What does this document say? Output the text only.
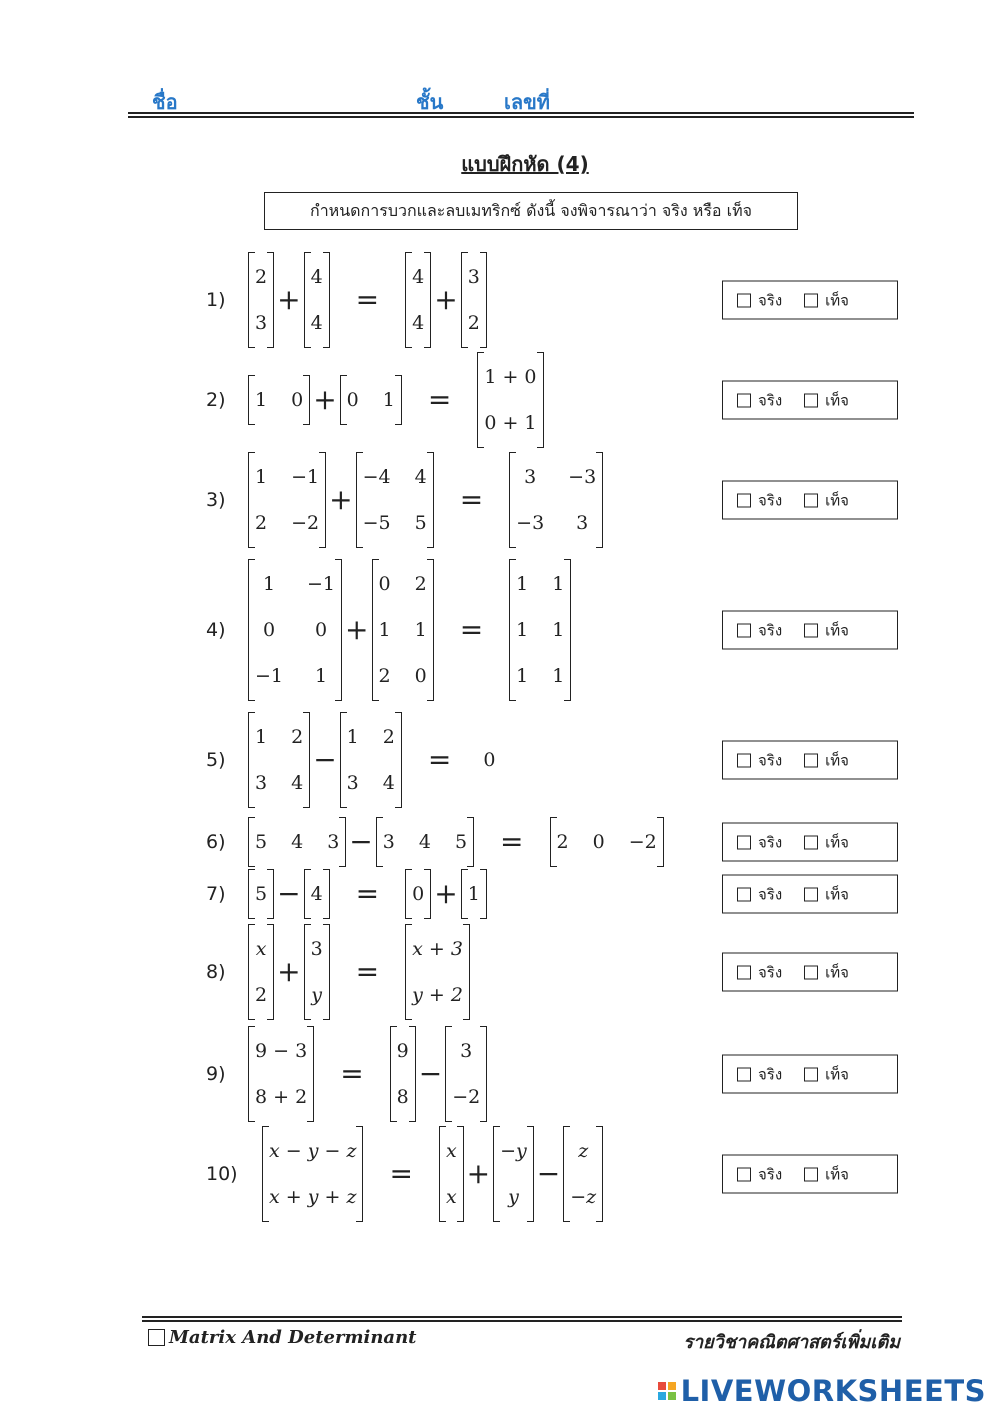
ชื่อ	ชั้น	เลขที่
แบบฝึกหัด (4)
กำหนดการบวกและลบเมทริกซ์ ดังนี้ จงพิจารณาว่า จริง หรือ เท็จ
1)
2
3
+
4
4
=
4
4
+
3
2
จริง	เท็จ
2) 1 0 + 0 1	=
1 + 0
0 + 1
จริง	เท็จ
3)
1 −1
2 −2
+
−4 4
−5 5
=
3	−3
−3	3
จริง	เท็จ
4)
1	−1
0	0
−1	1
+
0 2
1 1
2 0
=
1 1
1 1
1 1
จริง	เท็จ
5)
1 2
3 4
−
1 2
3 4
=	0	จริง	เท็จ
6) 5 4 3 − 3 4 5	=	2 0 −2	จริง	เท็จ
7) 5 − 4	=	0 + 1	จริง	เท็จ
8)
x
2
+
3
y
=
x + 3
y + 2
จริง	เท็จ
9)
9 − 3
8 + 2
=
9
8
−
3
−2
จริง	เท็จ
10)
x − y − z
x + y + z
=
x
x
+
−y
y
−
z
−z
จริง	เท็จ
Matrix And Determinant	รายวิชาคณิตศาสตร์เพิ่มเติม
LIVEWORKSHEETS
